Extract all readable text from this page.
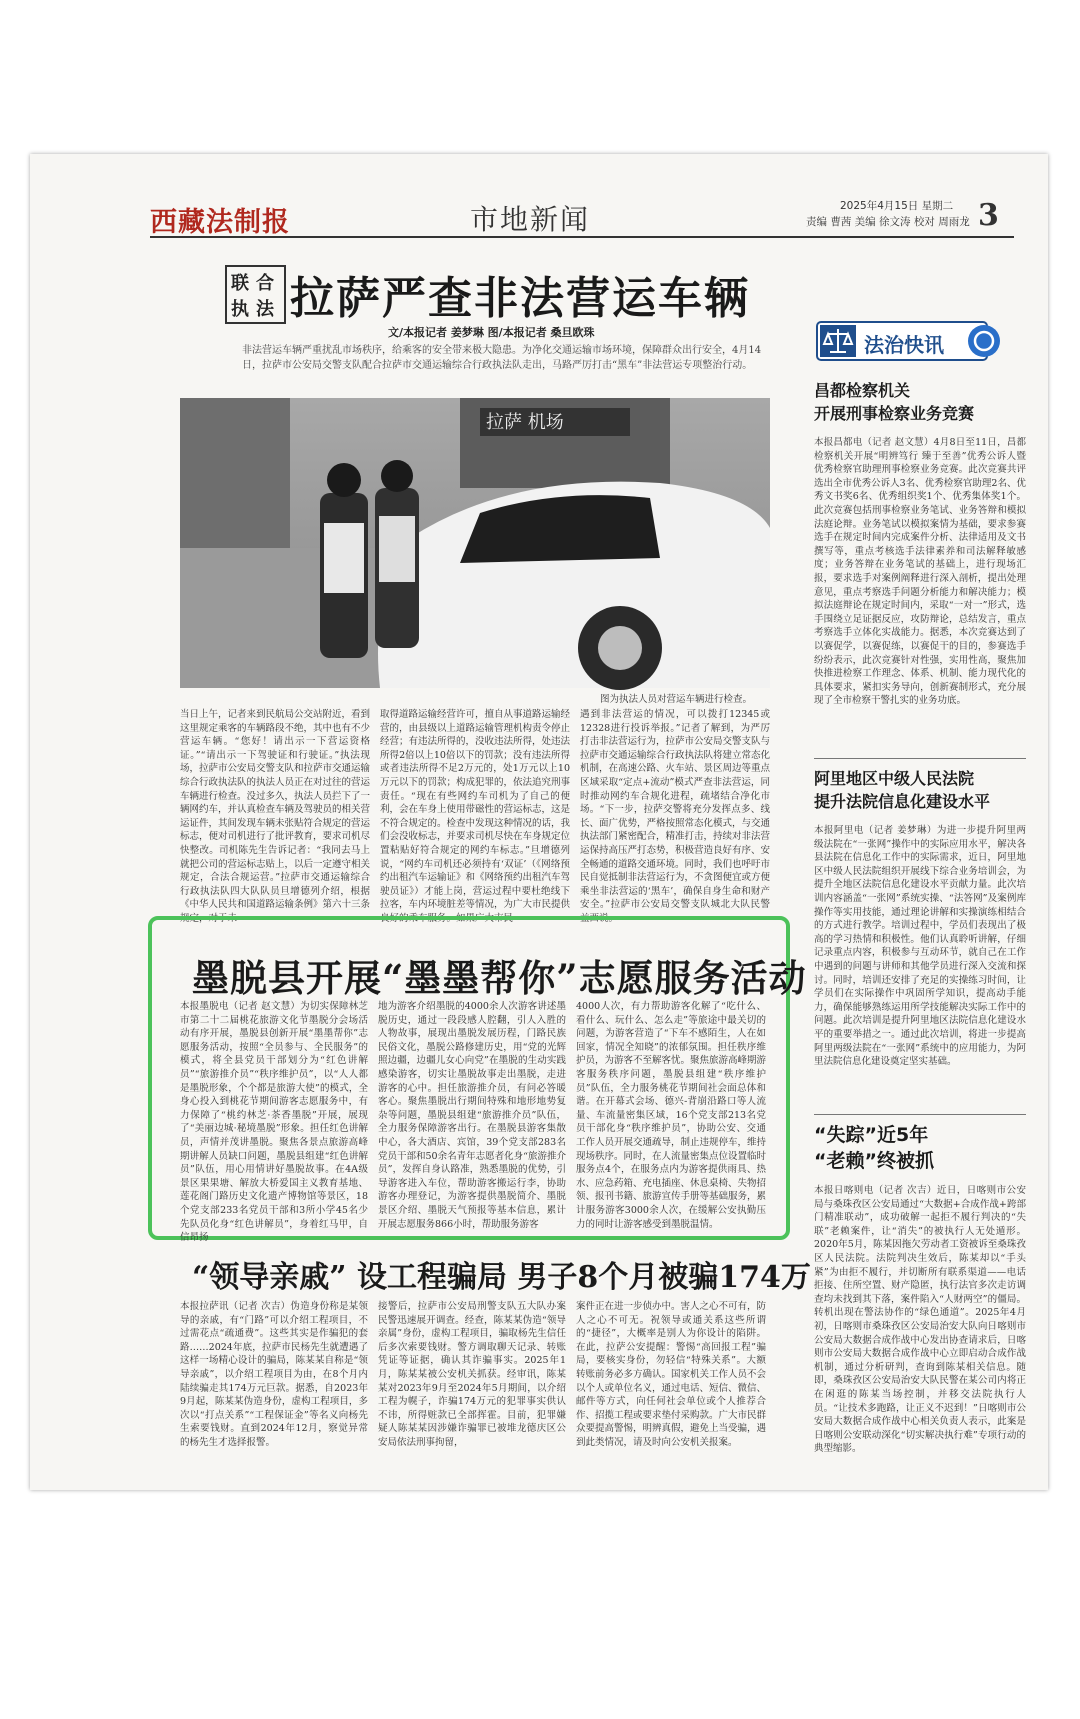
西藏法制报	市地新闻	2025年4月15日 星期二
责编 曹茜 美编 徐文涛 校对 周雨龙 3
联 合
执 法 拉萨严查非法营运车辆
文/本报记者 姜梦琳 图/本报记者 桑旦欧珠
非法营运车辆严重扰乱市场秩序，给乘客的安全带来极大隐患。为净化交通运输市场环境，保障群众出行安全，4月14日，拉萨市公安局交警支队配合拉萨市交通运输综合行政执法队走出，马路严厉打击“黑车”非法营运专项整治行动。
拉萨 机场
图为执法人员对营运车辆进行检查。
当日上午，记者来到民航局公交站附近，看到这里规定乘客的车辆路段不绝，其中也有不少营运车辆。“您好！请出示一下营运资格证。”“请出示一下驾驶证和行驶证。”执法现场，拉萨市公安局交警支队和拉萨市交通运输综合行政执法队的执法人员正在对过往的营运车辆进行检查。没过多久，执法人员拦下了一辆网约车，并认真检查车辆及驾驶员的相关营运证件，其间发现车辆未张贴符合规定的营运标志，便对司机进行了批评教育，要求司机尽快整改。司机陈先生告诉记者：“我同去马上就把公司的营运标志贴上，以后一定遵守相关规定，合法合规运营。”拉萨市交通运输综合行政执法队四大队队员旦增德列介绍，根据《中华人民共和国道路运输条例》第六十三条规定，对于未
取得道路运输经营许可，擅自从事道路运输经营的，由县级以上道路运输管理机构责令停止经营；有违法所得的，没收违法所得，处违法所得2倍以上10倍以下的罚款；没有违法所得或者违法所得不足2万元的，处1万元以上10万元以下的罚款；构成犯罪的，依法追究刑事责任。“现在有些网约车司机为了自己的便利，会在车身上使用带磁性的营运标志，这是不符合规定的。检查中发现这种情况的话，我们会没收标志，并要求司机尽快在车身规定位置粘贴好符合规定的网约车标志。”旦增德列说，“网约车司机还必须持有‘双证’（《网络预约出租汽车运输证》和《网络预约出租汽车驾驶员证》）才能上岗，营运过程中要杜绝线下拉客，车内环境脏差等情况，为广大市民提供良好的乘车服务。如果广大市民
遇到非法营运的情况，可以拨打12345或12328进行投诉举报。”记者了解到，为严厉打击非法营运行为，拉萨市公安局交警支队与拉萨市交通运输综合行政执法队将建立常态化机制，在高速公路、火车站、景区周边等重点区域采取“定点+流动”模式严查非法营运，同时推动网约车合规化进程，疏堵结合净化市场。“下一步，拉萨交警将充分发挥点多、线长、面广优势，严格按照常态化模式，与交通执法部门紧密配合，精准打击，持续对非法营运保持高压严打态势，积极营造良好有序、安全畅通的道路交通环境。同时，我们也呼吁市民自觉抵制非法营运行为，不贪图便宜或方便乘坐非法营运的‘黑车’，确保自身生命和财产安全。”拉萨市公安局交警支队城北大队民警益西说。
墨脱县开展“墨墨帮你”志愿服务活动
本报墨脱电（记者 赵文慧）为切实保障林芝市第二十二届桃花旅游文化节墨脱分会场活动有序开展，墨脱县创新开展“墨墨帮你”志愿服务活动，按照“全员参与、全民服务”的模式，将全县党员干部划分为“红色讲解员”“旅游推介员”“秩序维护员”，以“人人都是墨脱形象，个个都是旅游大使”的模式，全身心投入到桃花节期间游客志愿服务中，有力保障了“桃约林芝·茶香墨脱”开展，展现了“美丽边城·秘境墨脱”形象。担任红色讲解员，声情并茂讲墨脱。聚焦各景点旅游高峰期讲解人员缺口问题，墨脱县组建“红色讲解员”队伍，用心用情讲好墨脱故事。在4A级景区果果塘、解放大桥爱国主义教育基地、莲花阁门路历史文化遗产博物馆等景区，18个党支部233名党员干部和3所小学45名少先队员化身“红色讲解员”，身着红马甲，自信昂扬
地为游客介绍墨脱的4000余人次游客讲述墨脱历史，通过一段段感人腔翻，引人入胜的人物故事，展现出墨脱发展历程，门路民族民俗文化，墨脱公路修建历史，用“党的光辉照边疆，边疆儿女心向党”在墨脱的生动实践感染游客，切实让墨脱故事走出墨脱，走进游客的心中。担任旅游推介员，有问必答暖客心。聚焦墨脱出行期间特殊和地形地势复杂等问题，墨脱县组建“旅游推介员”队伍，全力服务保障游客出行。在墨脱县游客集散中心，各大酒店、宾馆，39个党支部283名党员干部和50余名青年志愿者化身“旅游推介员”，发挥自身认路准，熟悉墨脱的优势，引导游客进入车位，帮助游客搬运行李，协助游客办理登记，为游客提供墨脱简介、墨脱景区介绍、墨脱天气预报等基本信息，累计开展志愿服务866小时，帮助服务游客
4000人次，有力帮助游客化解了“吃什么、看什么、玩什么、怎么走”等旅途中最关切的问题，为游客营造了“下车不感陌生，人在如回家，情况全知晓”的浓郁氛围。担任秩序维护员，为游客不至解客忧。聚焦旅游高峰期游客服务秩序问题，墨脱县组建“秩序维护员”队伍，全力服务桃花节期间社会面总体和谐。在开幕式会场、德兴-背崩沿路口等人流量、车流量密集区域，16个党支部213名党员干部化身“秩序维护员”，协助公安、交通工作人员开展交通疏导，制止违规停车，维持现场秩序。同时，在人流量密集点位设置临时服务点4个，在服务点内为游客提供雨具、热水、应急药箱、充电插座、休息桌椅、失物招领、报刊书籍、旅游宣传手册等基础服务，累计服务游客3000余人次，在缓解公安执勤压力的同时让游客感受到墨脱温情。
“领导亲戚” 设工程骗局 男子8个月被骗174万
本报拉萨讯（记者 次吉）伪造身份称是某领导的亲戚，有“门路”可以介绍工程项目，不过需花点“疏通费”。这些其实是作骗犯的套路……2024年底，拉萨市民杨先生就遭遇了这样一场精心设计的骗局，陈某某自称是“领导亲戚”，以介绍工程项目为由，在8个月内陆续骗走其174万元巨款。据悉，自2023年9月起，陈某某伪造身份，虚构工程项目，多次以“打点关系”“工程保证金”等名义向杨先生索要钱财。直到2024年12月，察觉异常的杨先生才选择报警。
接警后，拉萨市公安局刑警支队五大队办案民警迅速展开调查。经查，陈某某伪造“领导亲属”身份，虚构工程项目，骗取杨先生信任后多次索要钱财。警方调取聊天记录、转账凭证等证据，确认其诈骗事实。2025年1月，陈某某被公安机关抓获。经审讯，陈某某对2023年9月至2024年5月期间，以介绍工程为幌子，诈骗174万元的犯罪事实供认不讳，所得赃款已全部挥霍。目前，犯罪嫌疑人陈某某因涉嫌诈骗罪已被堆龙德庆区公安局依法刑事拘留，
案件正在进一步侦办中。害人之心不可有，防人之心不可无。祝领导或通关系这些所谓的“捷径”，大概率是别人为你设计的陷阱。在此，拉萨公安提醒：警惕“高回报工程”骗局，要核实身份，勿轻信“特殊关系”。大额转账前务必多方确认。国家机关工作人员不会以个人或单位名义，通过电话、短信、微信、邮件等方式，向任何社会单位或个人推荐合作、招揽工程或要求垫付采购款。广大市民群众要提高警惕，明辨真假，避免上当受骗，遇到此类情况，请及时向公安机关报案。
法治快讯
昌都检察机关
开展刑事检察业务竞赛
本报昌都电（记者 赵文慧）4月8日至11日，昌都检察机关开展“明辨笃行 臻于至善”优秀公诉人暨优秀检察官助理刑事检察业务竞赛。此次竞赛共评选出全市优秀公诉人3名、优秀检察官助理2名、优秀文书奖6名、优秀组织奖1个、优秀集体奖1个。此次竞赛包括刑事检察业务笔试、业务答辩和模拟法庭论辩。业务笔试以模拟案情为基础，要求参赛选手在规定时间内完成案件分析、法律适用及文书撰写等，重点考核选手法律素养和司法解释敏感度；业务答辩在业务笔试的基础上，进行现场汇报，要求选手对案例阐释进行深入剖析，提出处理意见，重点考察选手问题分析能力和解决能力；模拟法庭辩论在规定时间内，采取“一对一”形式，选手围绕立足证据反应，攻防辩论，总结发言，重点考察选手立体化实战能力。据悉，本次竞赛达到了以赛促学，以赛促练，以赛促干的目的，参赛选手纷纷表示，此次竞赛针对性强，实用性高，聚焦加快推进检察工作理念、体系、机制、能力现代化的具体要求，紧扣实务导向，创新赛制形式，充分展现了全市检察干警扎实的业务功底。
阿里地区中级人民法院
提升法院信息化建设水平
本报阿里电（记者 姜梦琳）为进一步提升阿里两级法院在“一张网”操作中的实际应用水平，解决各县法院在信息化工作中的实际需求，近日，阿里地区中级人民法院组织开展线下综合业务培训会，为提升全地区法院信息化建设水平贡献力量。此次培训内容涵盖“一张网”系统实操、“法答网”及案例库操作等实用技能，通过理论讲解和实操演练相结合的方式进行教学。培训过程中，学员们表现出了极高的学习热情和积极性。他们认真聆听讲解，仔细记录重点内容，积极参与互动环节，就自己在工作中遇到的问题与讲师和其他学员进行深入交流和探讨。同时，培训还安排了充足的实操练习时间，让学员们在实际操作中巩固所学知识，提高动手能力，确保能够熟练运用所学技能解决实际工作中的问题。此次培训是提升阿里地区法院信息化建设水平的重要举措之一。通过此次培训，将进一步提高阿里两级法院在“一张网”系统中的应用能力，为阿里法院信息化建设奠定坚实基础。
“失踪”近5年
“老赖”终被抓
本报日喀则电（记者 次吉）近日，日喀则市公安局与桑珠孜区公安局通过“大数据+合成作战+跨部门精准联动”，成功破解一起拒不履行判决的“失联”老赖案件，让“消失”的被执行人无处遁形。2020年5月，陈某因拖欠劳动者工资被诉至桑珠孜区人民法院。法院判决生效后，陈某却以“手头紧”为由拒不履行，并切断所有联系渠道——电话拒接、住所空置、财产隐匿，执行法官多次走访调查均未找到其下落，案件陷入“人财两空”的僵局。转机出现在警法协作的“绿色通道”。2025年4月初，日喀则市桑珠孜区公安局治安大队向日喀则市公安局大数据合成作战中心发出协查请求后，日喀则市公安局大数据合成作战中心立即启动合成作战机制，通过分析研判，查询到陈某相关信息。随即，桑珠孜区公安局治安大队民警在某公司内将正在闲逛的陈某当场控制，并移交法院执行人员。“让技术多跑路，让正义不迟到！”日喀则市公安局大数据合成作战中心相关负责人表示，此案是日喀则公安联动深化“切实解决执行难”专项行动的典型缩影。
